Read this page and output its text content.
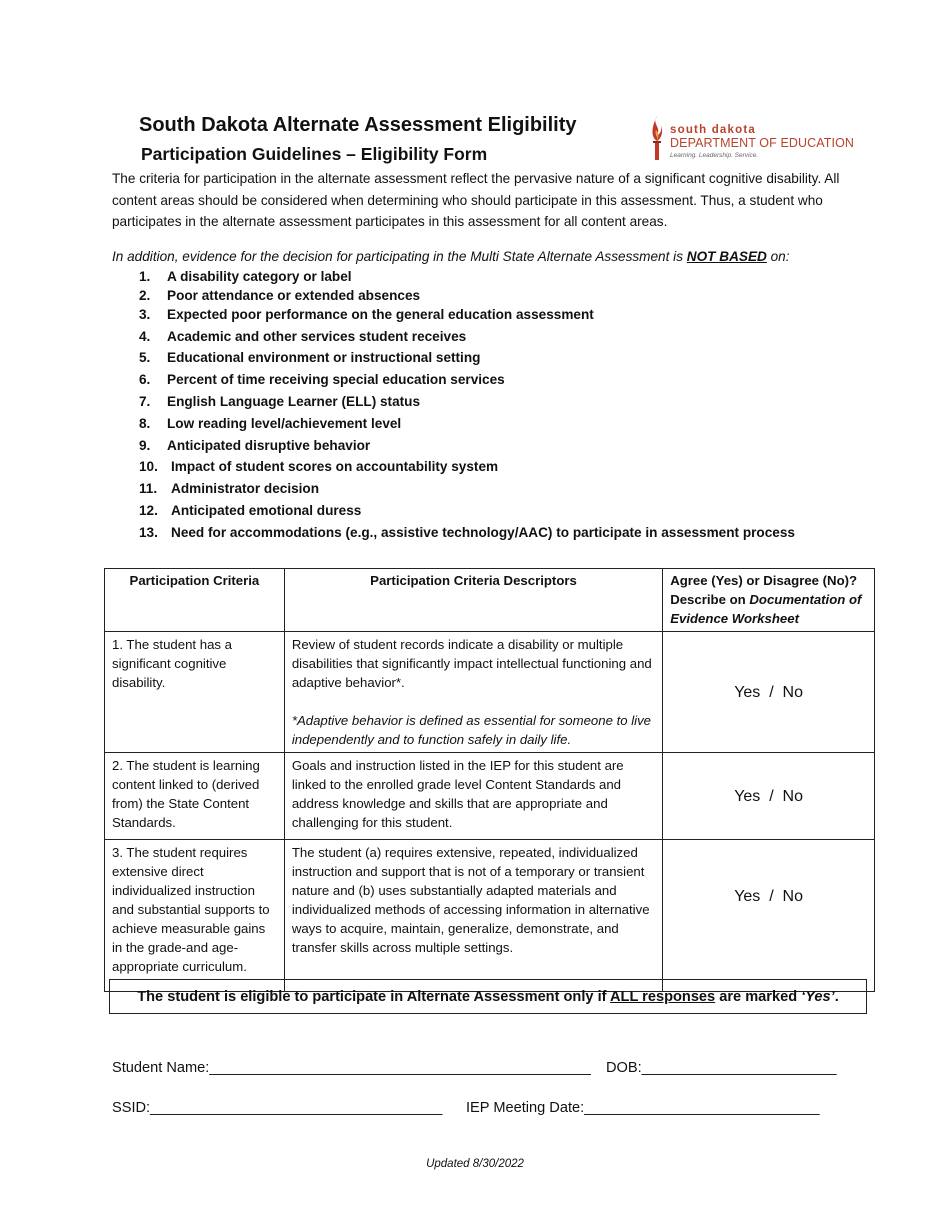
South Dakota Alternate Assessment Eligibility
Participation Guidelines – Eligibility Form
south dakota
DEPARTMENT OF EDUCATION
Learning. Leadership. Service.
The criteria for participation in the alternate assessment reflect the pervasive nature of a significant cognitive disability. All content areas should be considered when determining who should participate in this assessment. Thus, a student who participates in the alternate assessment participates in this assessment for all content areas.
In addition, evidence for the decision for participating in the Multi State Alternate Assessment is NOT BASED on:
1. A disability category or label
2. Poor attendance or extended absences
3. Expected poor performance on the general education assessment
4. Academic and other services student receives
5. Educational environment or instructional setting
6. Percent of time receiving special education services
7. English Language Learner (ELL) status
8. Low reading level/achievement level
9. Anticipated disruptive behavior
10. Impact of student scores on accountability system
11. Administrator decision
12. Anticipated emotional duress
13. Need for accommodations (e.g., assistive technology/AAC) to participate in assessment process
Participation Criteria	Participation Criteria Descriptors	Agree (Yes) or Disagree (No)?
Describe on Documentation of Evidence Worksheet
1. The student has a significant cognitive disability.	Review of student records indicate a disability or multiple disabilities that significantly impact intellectual functioning and adaptive behavior*.
*Adaptive behavior is defined as essential for someone to live independently and to function safely in daily life.	Yes  /  No
2. The student is learning content linked to (derived from) the State Content Standards.	Goals and instruction listed in the IEP for this student are linked to the enrolled grade level Content Standards and address knowledge and skills that are appropriate and challenging for this student.	Yes  /  No
3. The student requires extensive direct individualized instruction and substantial supports to achieve measurable gains in the grade-and age-appropriate curriculum.	The student (a) requires extensive, repeated, individualized instruction and support that is not of a temporary or transient nature and (b) uses substantially adapted materials and individualized methods of accessing information in alternative ways to acquire, maintain, generalize, demonstrate, and transfer skills across multiple settings.	Yes  /  No
The student is eligible to participate in Alternate Assessment only if ALL responses are marked ‘Yes’.
Student Name:_______________________________________________ DOB:________________________
SSID:____________________________________ IEP Meeting Date:_____________________________
Updated 8/30/2022
